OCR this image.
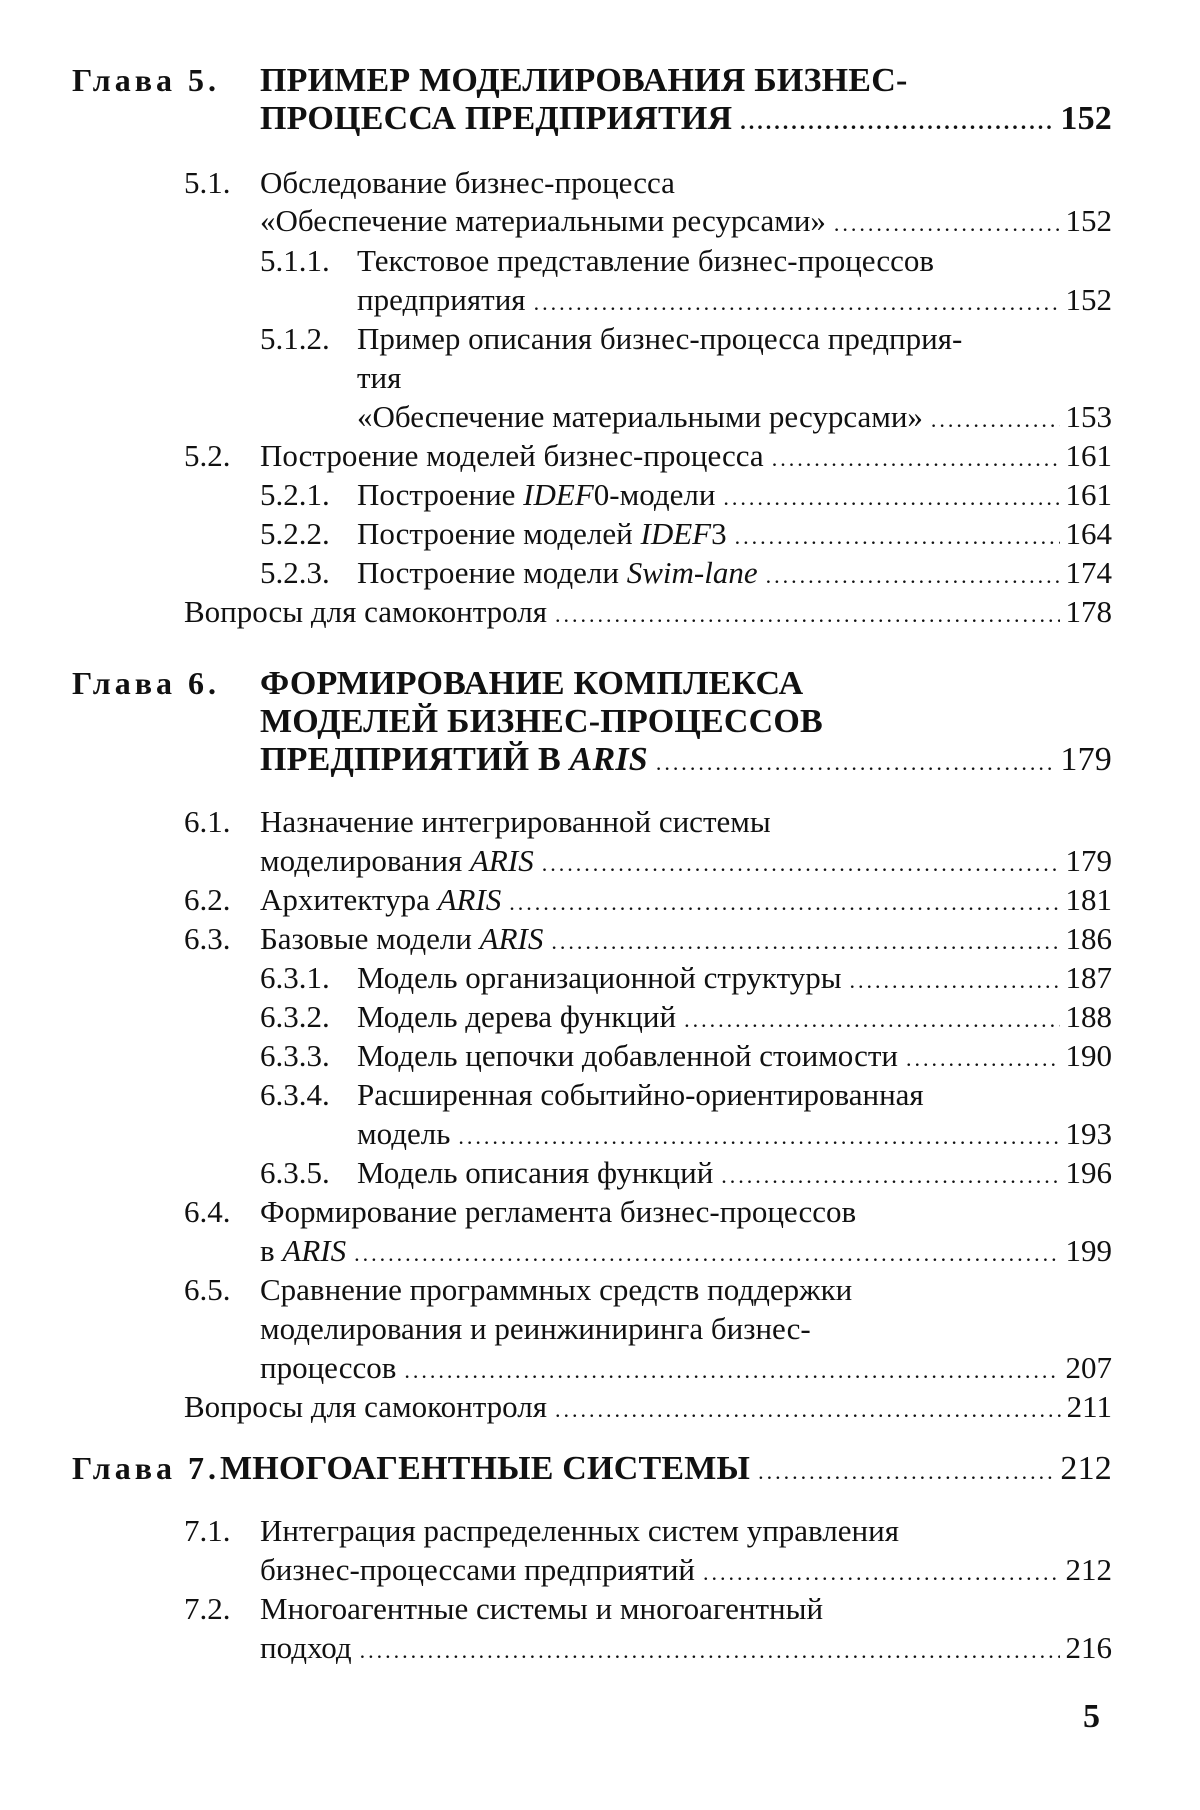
Глава 5.	ПРИМЕР МОДЕЛИРОВАНИЯ БИЗНЕС-
ПРОЦЕССА ПРЕДПРИЯТИЯ .....	152
5.1. Обследование бизнес-процесса
«Обеспечение материальными ресурсами» .....	152
5.1.1. Текстовое представление бизнес-процессов
предприятия .....	152
5.1.2. Пример описания бизнес-процесса предприя-
тия
«Обеспечение материальными ресурсами» .....	153
5.2. Построение моделей бизнес-процесса .....	161
5.2.1. Построение IDEF0-модели .....	161
5.2.2. Построение моделей IDEF3 .....	164
5.2.3. Построение модели Swim-lane .....	174
Вопросы для самоконтроля .....	178
Глава 6.	ФОРМИРОВАНИЕ КОМПЛЕКСА
МОДЕЛЕЙ БИЗНЕС-ПРОЦЕССОВ
ПРЕДПРИЯТИЙ В ARIS .....	179
6.1. Назначение интегрированной системы
моделирования ARIS .....	179
6.2. Архитектура ARIS .....	181
6.3. Базовые модели ARIS .....	186
6.3.1. Модель организационной структуры .....	187
6.3.2. Модель дерева функций .....	188
6.3.3. Модель цепочки добавленной стоимости .....	190
6.3.4. Расширенная событийно-ориентированная
модель .....	193
6.3.5. Модель описания функций .....	196
6.4. Формирование регламента бизнес-процессов
в ARIS .....	199
6.5. Сравнение программных средств поддержки
моделирования и реинжиниринга бизнес-
процессов .....	207
Вопросы для самоконтроля .....	211
Глава 7. МНОГОАГЕНТНЫЕ СИСТЕМЫ .....	212
7.1. Интеграция распределенных систем управления
бизнес-процессами предприятий .....	212
7.2. Многоагентные системы и многоагентный
подход .....	216
5
